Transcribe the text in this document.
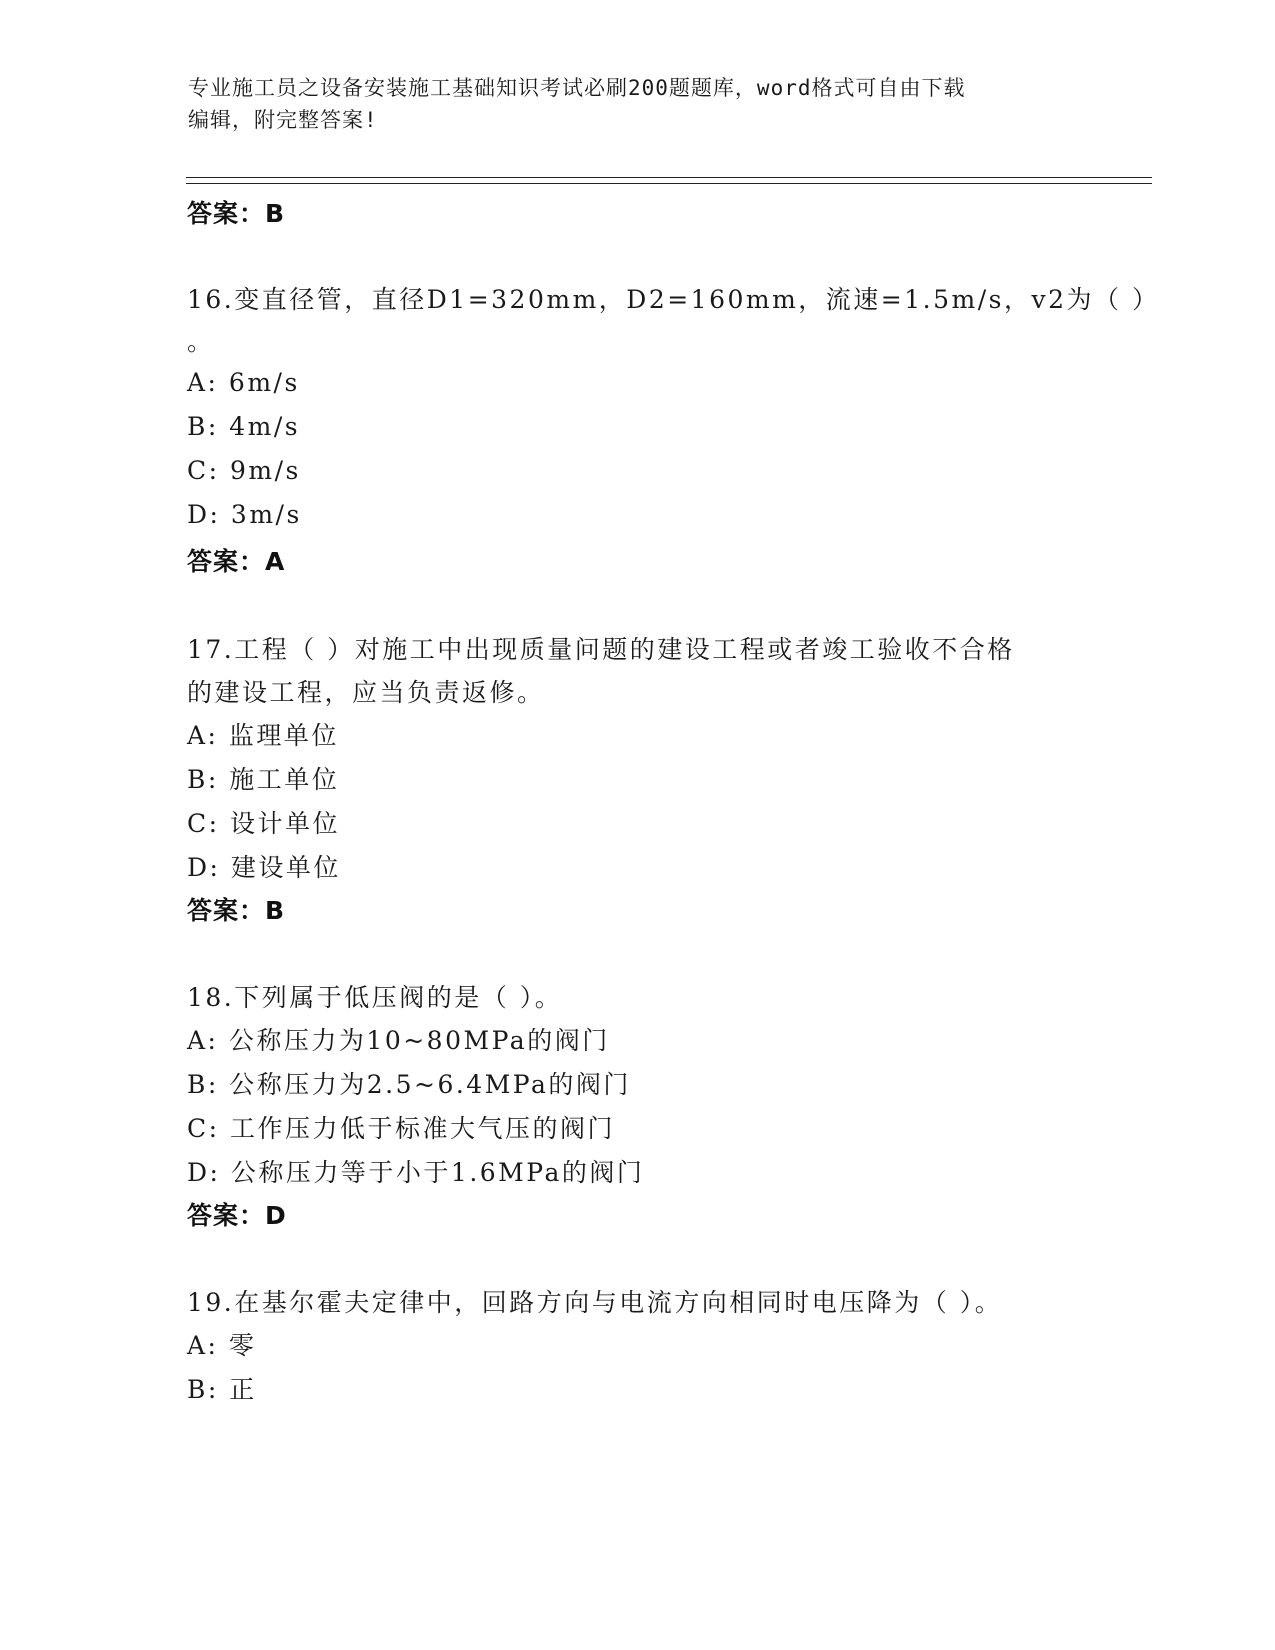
专业施工员之设备安装施工基础知识考试必刷200题题库，word格式可自由下载
编辑，附完整答案!
答案：B
16.变直径管，直径D1=320mm，D2=160mm，流速=1.5m/s，v2为（ ）
。
A: 6m/s
B: 4m/s
C: 9m/s
D: 3m/s
答案：A
17.工程（ ）对施工中出现质量问题的建设工程或者竣工验收不合格
的建设工程，应当负责返修。
A: 监理单位
B: 施工单位
C: 设计单位
D: 建设单位
答案：B
18.下列属于低压阀的是（ ）。
A: 公称压力为10~80MPa的阀门
B: 公称压力为2.5~6.4MPa的阀门
C: 工作压力低于标准大气压的阀门
D: 公称压力等于小于1.6MPa的阀门
答案：D
19.在基尔霍夫定律中，回路方向与电流方向相同时电压降为（ ）。
A: 零
B: 正
